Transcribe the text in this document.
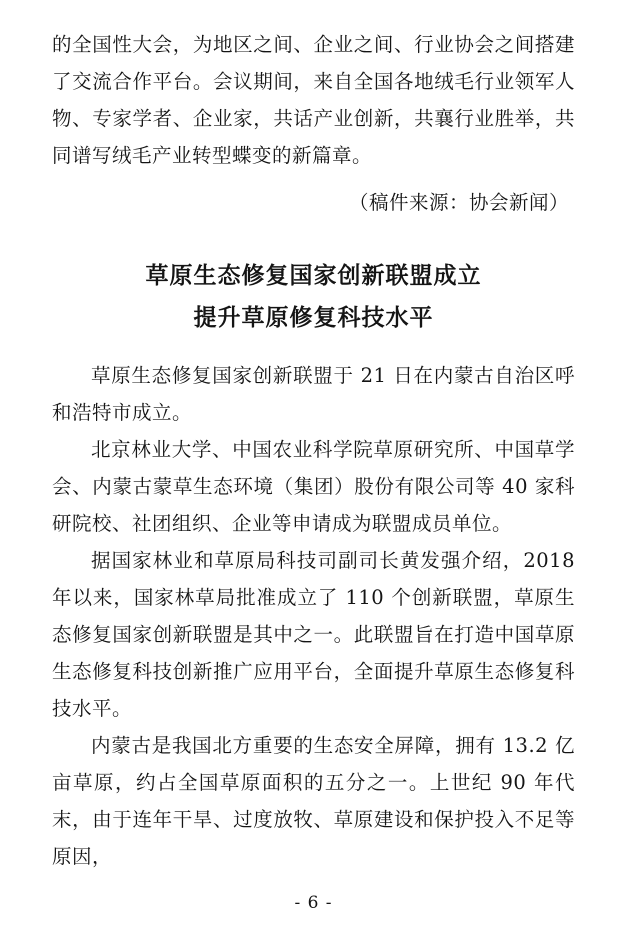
的全国性大会，为地区之间、企业之间、行业协会之间搭建了交流合作平台。会议期间，来自全国各地绒毛行业领军人物、专家学者、企业家，共话产业创新，共襄行业胜举，共同谱写绒毛产业转型蝶变的新篇章。

（稿件来源：协会新闻）

草原生态修复国家创新联盟成立
提升草原修复科技水平

草原生态修复国家创新联盟于 21 日在内蒙古自治区呼和浩特市成立。

北京林业大学、中国农业科学院草原研究所、中国草学会、内蒙古蒙草生态环境（集团）股份有限公司等 40 家科研院校、社团组织、企业等申请成为联盟成员单位。

据国家林业和草原局科技司副司长黄发强介绍，2018 年以来，国家林草局批准成立了 110 个创新联盟，草原生态修复国家创新联盟是其中之一。此联盟旨在打造中国草原生态修复科技创新推广应用平台，全面提升草原生态修复科技水平。

内蒙古是我国北方重要的生态安全屏障，拥有 13.2 亿亩草原，约占全国草原面积的五分之一。上世纪 90 年代末，由于连年干旱、过度放牧、草原建设和保护投入不足等原因，

- 6 -
